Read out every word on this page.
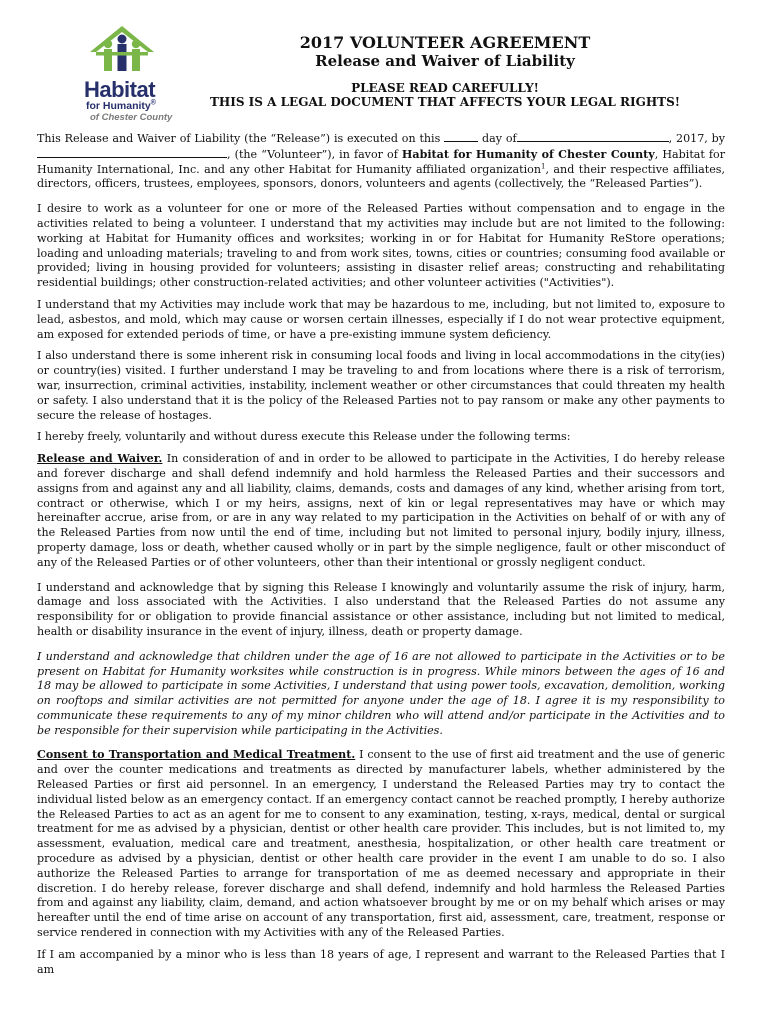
Habitat
for Humanity®
of Chester County
2017 VOLUNTEER AGREEMENT
Release and Waiver of Liability
PLEASE READ CAREFULLY!
THIS IS A LEGAL DOCUMENT THAT AFFECTS YOUR LEGAL RIGHTS!

This Release and Waiver of Liability (the “Release”) is executed on this	day of	, 2017, by, (the “Volunteer”), in favor of Habitat for Humanity of Chester County, Habitat for Humanity International, Inc. and any other Habitat for Humanity affiliated organization$^1$, and their respective affiliates, directors, officers, trustees, employees, sponsors, donors, volunteers and agents (collectively, the “Released Parties”).

I desire to work as a volunteer for one or more of the Released Parties without compensation and to engage in the activities related to being a volunteer. I understand that my activities may include but are not limited to the following: working at Habitat for Humanity offices and worksites; working in or for Habitat for Humanity ReStore operations; loading and unloading materials; traveling to and from work sites, towns, cities or countries; consuming food available or provided; living in housing provided for volunteers; assisting in disaster relief areas; constructing and rehabilitating residential buildings; other construction-related activities; and other volunteer activities ("Activities").

I understand that my Activities may include work that may be hazardous to me, including, but not limited to, exposure to lead, asbestos, and mold, which may cause or worsen certain illnesses, especially if I do not wear protective equipment, am exposed for extended periods of time, or have a pre-existing immune system deficiency.

I also understand there is some inherent risk in consuming local foods and living in local accommodations in the city(ies) or country(ies) visited. I further understand I may be traveling to and from locations where there is a risk of terrorism, war, insurrection, criminal activities, instability, inclement weather or other circumstances that could threaten my health or safety. I also understand that it is the policy of the Released Parties not to pay ransom or make any other payments to secure the release of hostages.

I hereby freely, voluntarily and without duress execute this Release under the following terms:

Release and Waiver. In consideration of and in order to be allowed to participate in the Activities, I do hereby release and forever discharge and shall defend indemnify and hold harmless the Released Parties and their successors and assigns from and against any and all liability, claims, demands, costs and damages of any kind, whether arising from tort, contract or otherwise, which I or my heirs, assigns, next of kin or legal representatives may have or which may hereinafter accrue, arise from, or are in any way related to my participation in the Activities on behalf of or with any of the Released Parties from now until the end of time, including but not limited to personal injury, bodily injury, illness, property damage, loss or death, whether caused wholly or in part by the simple negligence, fault or other misconduct of any of the Released Parties or of other volunteers, other than their intentional or grossly negligent conduct.

I understand and acknowledge that by signing this Release I knowingly and voluntarily assume the risk of injury, harm, damage and loss associated with the Activities. I also understand that the Released Parties do not assume any responsibility for or obligation to provide financial assistance or other assistance, including but not limited to medical, health or disability insurance in the event of injury, illness, death or property damage.

I understand and acknowledge that children under the age of 16 are not allowed to participate in the Activities or to be present on Habitat for Humanity worksites while construction is in progress. While minors between the ages of 16 and 18 may be allowed to participate in some Activities, I understand that using power tools, excavation, demolition, working on rooftops and similar activities are not permitted for anyone under the age of 18. I agree it is my responsibility to communicate these requirements to any of my minor children who will attend and/or participate in the Activities and to be responsible for their supervision while participating in the Activities.

Consent to Transportation and Medical Treatment. I consent to the use of first aid treatment and the use of generic and over the counter medications and treatments as directed by manufacturer labels, whether administered by the Released Parties or first aid personnel. In an emergency, I understand the Released Parties may try to contact the individual listed below as an emergency contact. If an emergency contact cannot be reached promptly, I hereby authorize the Released Parties to act as an agent for me to consent to any examination, testing, x-rays, medical, dental or surgical treatment for me as advised by a physician, dentist or other health care provider. This includes, but is not limited to, my assessment, evaluation, medical care and treatment, anesthesia, hospitalization, or other health care treatment or procedure as advised by a physician, dentist or other health care provider in the event I am unable to do so. I also authorize the Released Parties to arrange for transportation of me as deemed necessary and appropriate in their discretion. I do hereby release, forever discharge and shall defend, indemnify and hold harmless the Released Parties from and against any liability, claim, demand, and action whatsoever brought by me or on my behalf which arises or may hereafter until the end of time arise on account of any transportation, first aid, assessment, care, treatment, response or service rendered in connection with my Activities with any of the Released Parties.

If I am accompanied by a minor who is less than 18 years of age, I represent and warrant to the Released Parties that I am
